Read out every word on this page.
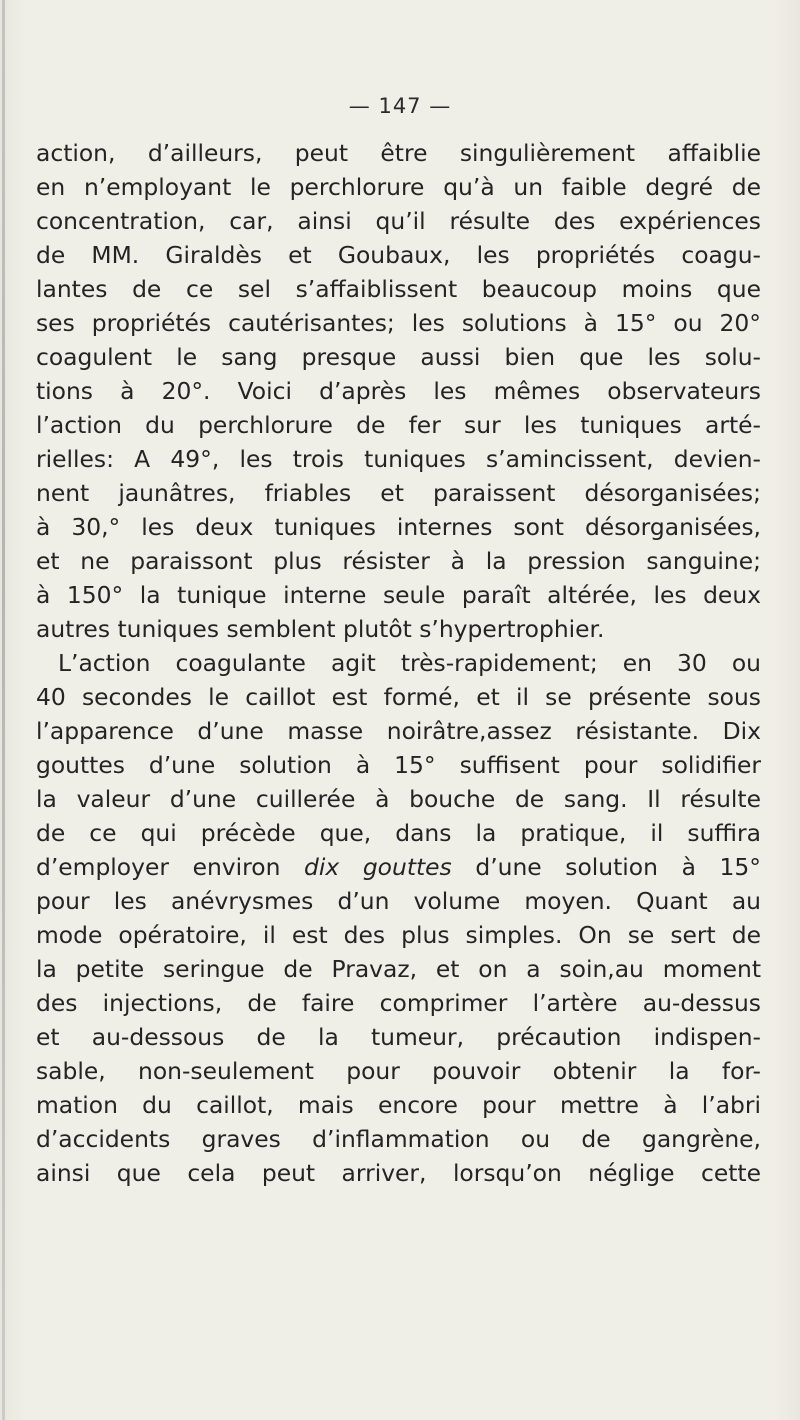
— 147 —
action, d’ailleurs, peut être singulièrement affaiblie
en n’employant le perchlorure qu’à un faible degré de
concentration, car, ainsi qu’il résulte des expériences
de MM. Giraldès et Goubaux, les propriétés coagu-
lantes de ce sel s’affaiblissent beaucoup moins que
ses propriétés cautérisantes; les solutions à 15° ou 20°
coagulent le sang presque aussi bien que les solu-
tions à 20°. Voici d’après les mêmes observateurs
l’action du perchlorure de fer sur les tuniques arté-
rielles: A 49°, les trois tuniques s’amincissent, devien-
nent jaunâtres, friables et paraissent désorganisées;
à 30,° les deux tuniques internes sont désorganisées,
et ne paraissont plus résister à la pression sanguine;
à 150° la tunique interne seule paraît altérée, les deux
autres tuniques semblent plutôt s’hypertrophier.
L’action coagulante agit très-rapidement; en 30 ou
40 secondes le caillot est formé, et il se présente sous
l’apparence d’une masse noirâtre,assez résistante. Dix
gouttes d’une solution à 15° suffisent pour solidifier
la valeur d’une cuillerée à bouche de sang. Il résulte
de ce qui précède que, dans la pratique, il suffira
d’employer environ dix gouttes d’une solution à 15°
pour les anévrysmes d’un volume moyen. Quant au
mode opératoire, il est des plus simples. On se sert de
la petite seringue de Pravaz, et on a soin,au moment
des injections, de faire comprimer l’artère au-dessus
et au-dessous de la tumeur, précaution indispen-
sable, non-seulement pour pouvoir obtenir la for-
mation du caillot, mais encore pour mettre à l’abri
d’accidents graves d’inflammation ou de gangrène,
ainsi que cela peut arriver, lorsqu’on néglige cette
